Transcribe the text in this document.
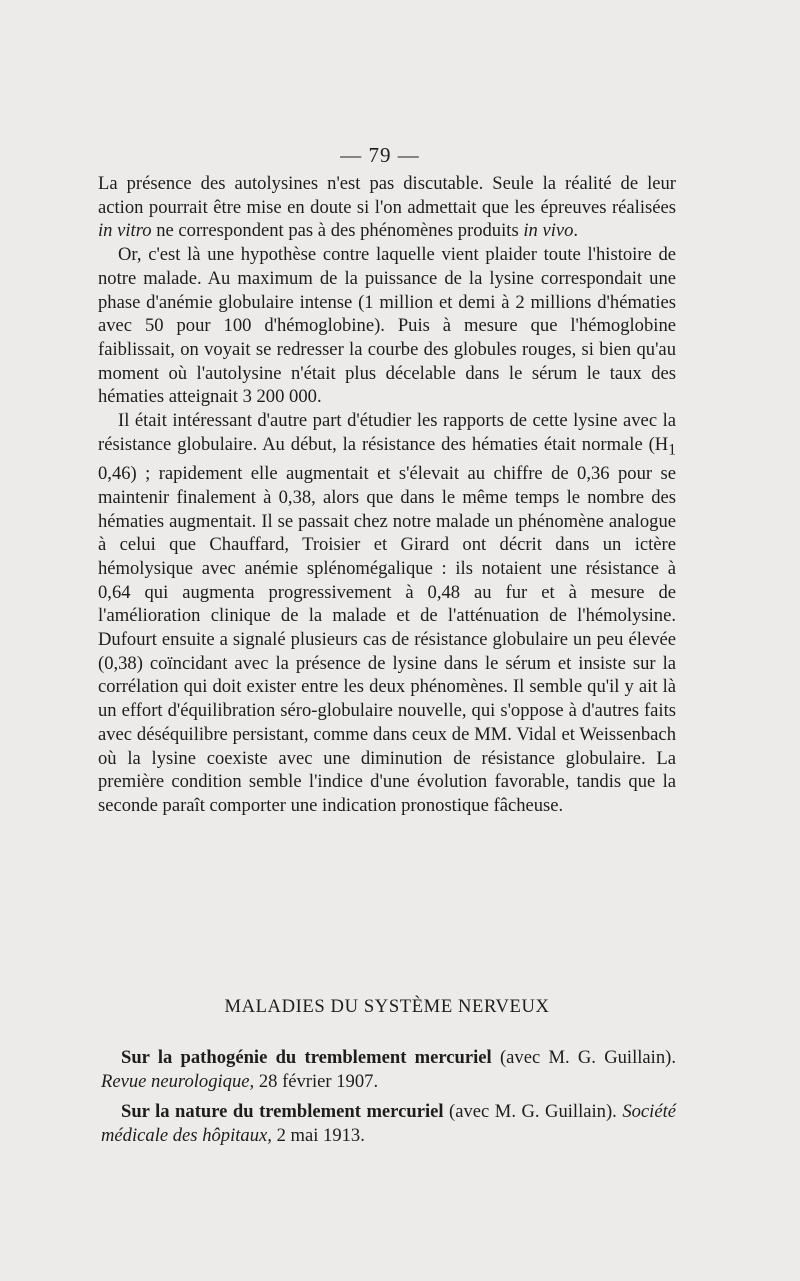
— 79 —

La présence des autolysines n'est pas discutable. Seule la réalité de leur action pourrait être mise en doute si l'on admettait que les épreuves réalisées in vitro ne correspondent pas à des phénomènes produits in vivo.

Or, c'est là une hypothèse contre laquelle vient plaider toute l'histoire de notre malade. Au maximum de la puissance de la lysine correspondait une phase d'anémie globulaire intense (1 million et demi à 2 millions d'hématies avec 50 pour 100 d'hémoglobine). Puis à mesure que l'hémoglobine faiblissait, on voyait se redresser la courbe des globules rouges, si bien qu'au moment où l'autolysine n'était plus décelable dans le sérum le taux des hématies atteignait 3 200 000.

Il était intéressant d'autre part d'étudier les rapports de cette lysine avec la résistance globulaire. Au début, la résistance des hématies était normale ($H_1$ 0,46) ; rapidement elle augmentait et s'élevait au chiffre de 0,36 pour se maintenir finalement à 0,38, alors que dans le même temps le nombre des hématies augmentait. Il se passait chez notre malade un phénomène analogue à celui que Chauffard, Troisier et Girard ont décrit dans un ictère hémolysique avec anémie splénomégalique : ils notaient une résistance à 0,64 qui augmenta progressivement à 0,48 au fur et à mesure de l'amélioration clinique de la malade et de l'atténuation de l'hémolysine. Dufourt ensuite a signalé plusieurs cas de résistance globulaire un peu élevée (0,38) coïncidant avec la présence de lysine dans le sérum et insiste sur la corrélation qui doit exister entre les deux phénomènes. Il semble qu'il y ait là un effort d'équilibration séro-globulaire nouvelle, qui s'oppose à d'autres faits avec déséquilibre persistant, comme dans ceux de MM. Vidal et Weissenbach où la lysine coexiste avec une diminution de résistance globulaire. La première condition semble l'indice d'une évolution favorable, tandis que la seconde paraît comporter une indication pronostique fâcheuse.

MALADIES DU SYSTÈME NERVEUX

Sur la pathogénie du tremblement mercuriel (avec M. G. Guillain). Revue neurologique, 28 février 1907.

Sur la nature du tremblement mercuriel (avec M. G. Guillain). Société médicale des hôpitaux, 2 mai 1913.
